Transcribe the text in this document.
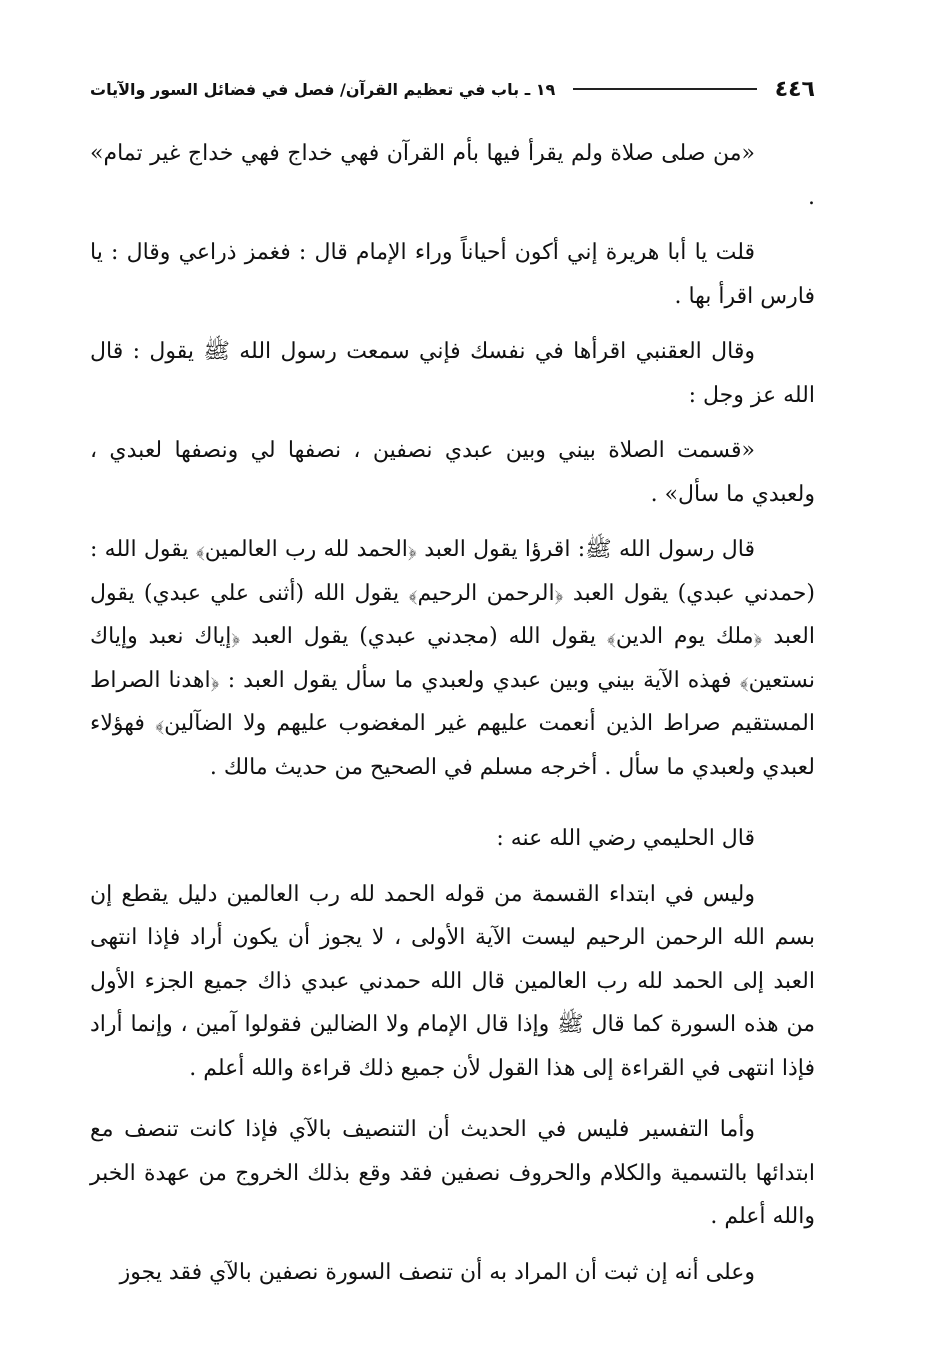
٤٤٦
١٩ ـ باب في تعظيم القرآن/ فصل في فضائل السور والآيات

«من صلى صلاة ولم يقرأ فيها بأم القرآن فهي خداج فهي خداج غير تمام» .

قلت يا أبا هريرة إني أكون أحياناً وراء الإمام قال : فغمز ذراعي وقال : يا فارس اقرأ بها .

وقال العقنبي اقرأها في نفسك فإني سمعت رسول الله ﷺ يقول : قال الله عز وجل :

«قسمت الصلاة بيني وبين عبدي نصفين ، نصفها لي ونصفها لعبدي ، ولعبدي ما سأل» .

قال رسول الله ﷺ: اقرؤا يقول العبد ﴿الحمد لله رب العالمين﴾ يقول الله : (حمدني عبدي) يقول العبد ﴿الرحمن الرحيم﴾ يقول الله (أثنى علي عبدي) يقول العبد ﴿ملك يوم الدين﴾ يقول الله (مجدني عبدي) يقول العبد ﴿إياك نعبد وإياك نستعين﴾ فهذه الآية بيني وبين عبدي ولعبدي ما سأل يقول العبد : ﴿اهدنا الصراط المستقيم صراط الذين أنعمت عليهم غير المغضوب عليهم ولا الضآلين﴾ فهؤلاء لعبدي ولعبدي ما سأل . أخرجه مسلم في الصحيح من حديث مالك .

قال الحليمي رضي الله عنه :

وليس في ابتداء القسمة من قوله الحمد لله رب العالمين دليل يقطع إن بسم الله الرحمن الرحيم ليست الآية الأولى ، لا يجوز أن يكون أراد فإذا انتهى العبد إلى الحمد لله رب العالمين قال الله حمدني عبدي ذاك جميع الجزء الأول من هذه السورة كما قال ﷺ وإذا قال الإمام ولا الضالين فقولوا آمين ، وإنما أراد فإذا انتهى في القراءة إلى هذا القول لأن جميع ذلك قراءة والله أعلم .

وأما التفسير فليس في الحديث أن التنصيف بالآي فإذا كانت تنصف مع ابتدائها بالتسمية والكلام والحروف نصفين فقد وقع بذلك الخروج من عهدة الخبر والله أعلم .

وعلى أنه إن ثبت أن المراد به أن تنصف السورة نصفين بالآي فقد يجوز
